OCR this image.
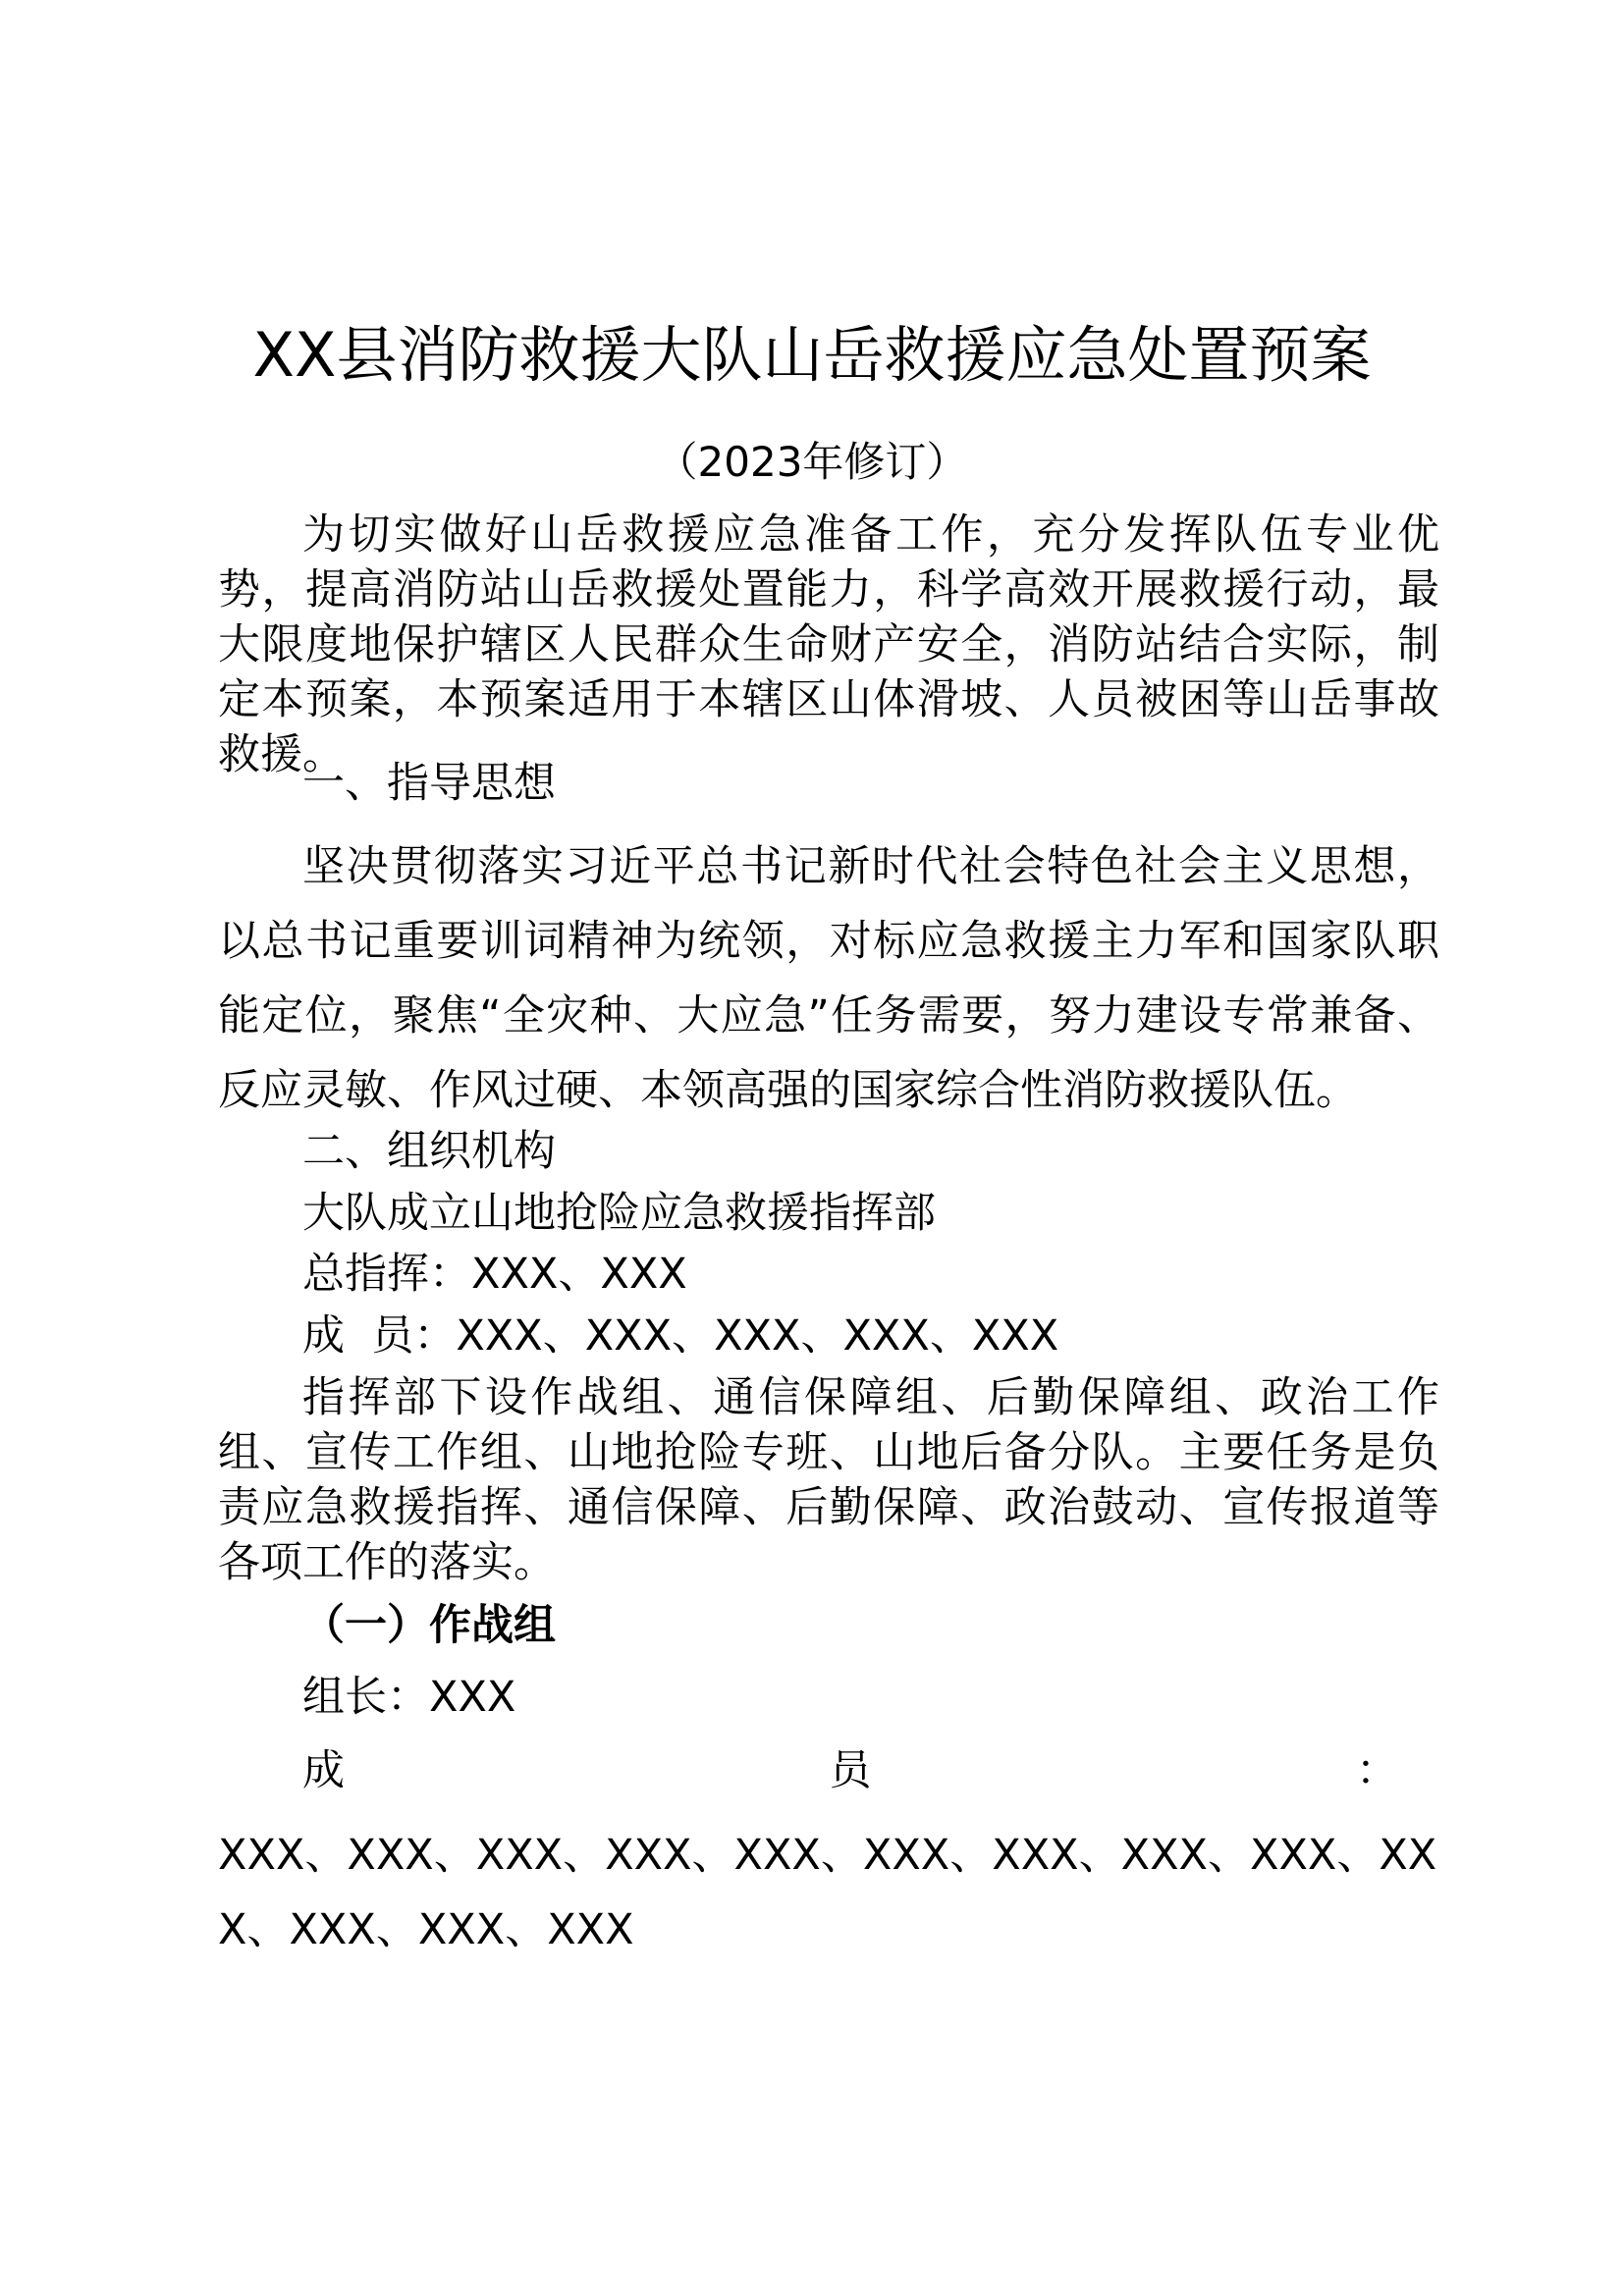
XX县消防救援大队山岳救援应急处置预案
（2023年修订）

为切实做好山岳救援应急准备工作，充分发挥队伍专业优势，提高消防站山岳救援处置能力，科学高效开展救援行动，最大限度地保护辖区人民群众生命财产安全，消防站结合实际，制定本预案，本预案适用于本辖区山体滑坡、人员被困等山岳事故救援。

一、指导思想

坚决贯彻落实习近平总书记新时代社会特色社会主义思想，以总书记重要训词精神为统领，对标应急救援主力军和国家队职能定位，聚焦“全灾种、大应急”任务需要，努力建设专常兼备、反应灵敏、作风过硬、本领高强的国家综合性消防救援队伍。

二、组织机构

大队成立山地抢险应急救援指挥部

总指挥：XXX、XXX

成  员：XXX、XXX、XXX、XXX、XXX

指挥部下设作战组、通信保障组、后勤保障组、政治工作组、宣传工作组、山地抢险专班、山地后备分队。主要任务是负责应急救援指挥、通信保障、后勤保障、政治鼓动、宣传报道等各项工作的落实。

（一）作战组

组长：XXX

成	员	：

XXX、XXX、XXX、XXX、XXX、XXX、XXX、XXX、XXX、XXX、XXX、XXX、XXX
